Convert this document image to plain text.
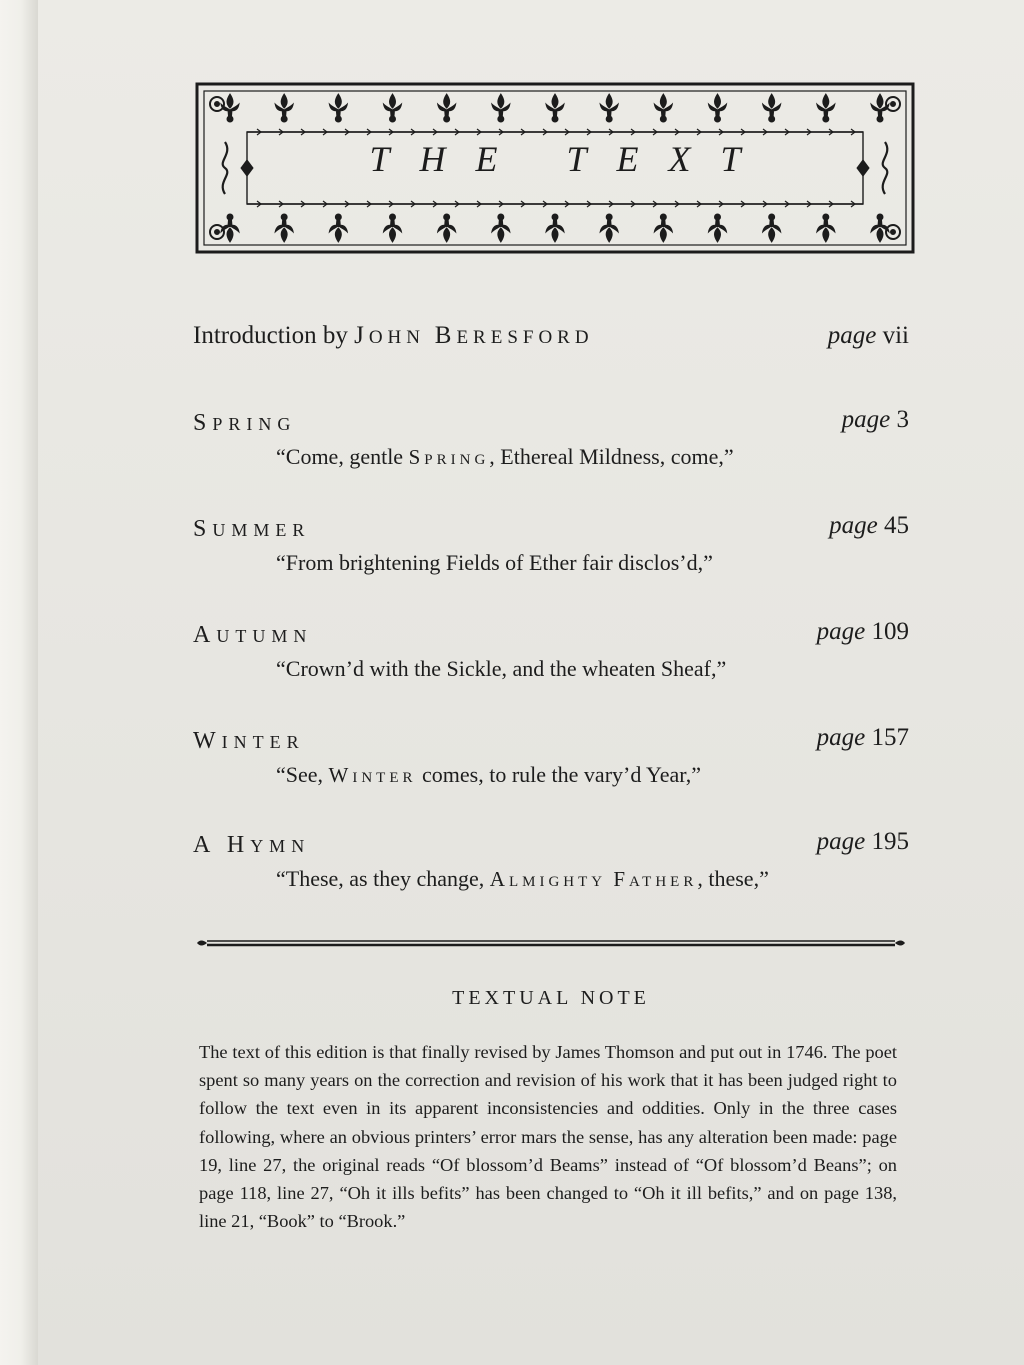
THE TEXT
Introduction by JOHN BERESFORD	page vii
SPRING	page 3
“Come, gentle SPRING, Ethereal Mildness, come,”
SUMMER	page 45
“From brightening Fields of Ether fair disclos’d,”
AUTUMN	page 109
“Crown’d with the Sickle, and the wheaten Sheaf,”
WINTER	page 157
“See, WINTER comes, to rule the vary’d Year,”
A HYMN	page 195
“These, as they change, ALMIGHTY FATHER, these,”
TEXTUAL NOTE
The text of this edition is that finally revised by James Thomson and put out in 1746. The poet spent so many years on the correction and revision of his work that it has been judged right to follow the text even in its apparent inconsistencies and oddities. Only in the three cases following, where an obvious printers’ error mars the sense, has any alteration been made: page 19, line 27, the original reads “Of blossom’d Beams” instead of “Of blossom’d Beans”; on page 118, line 27, “Oh it ills befits” has been changed to “Oh it ill befits,” and on page 138, line 21, “Book” to “Brook.”
